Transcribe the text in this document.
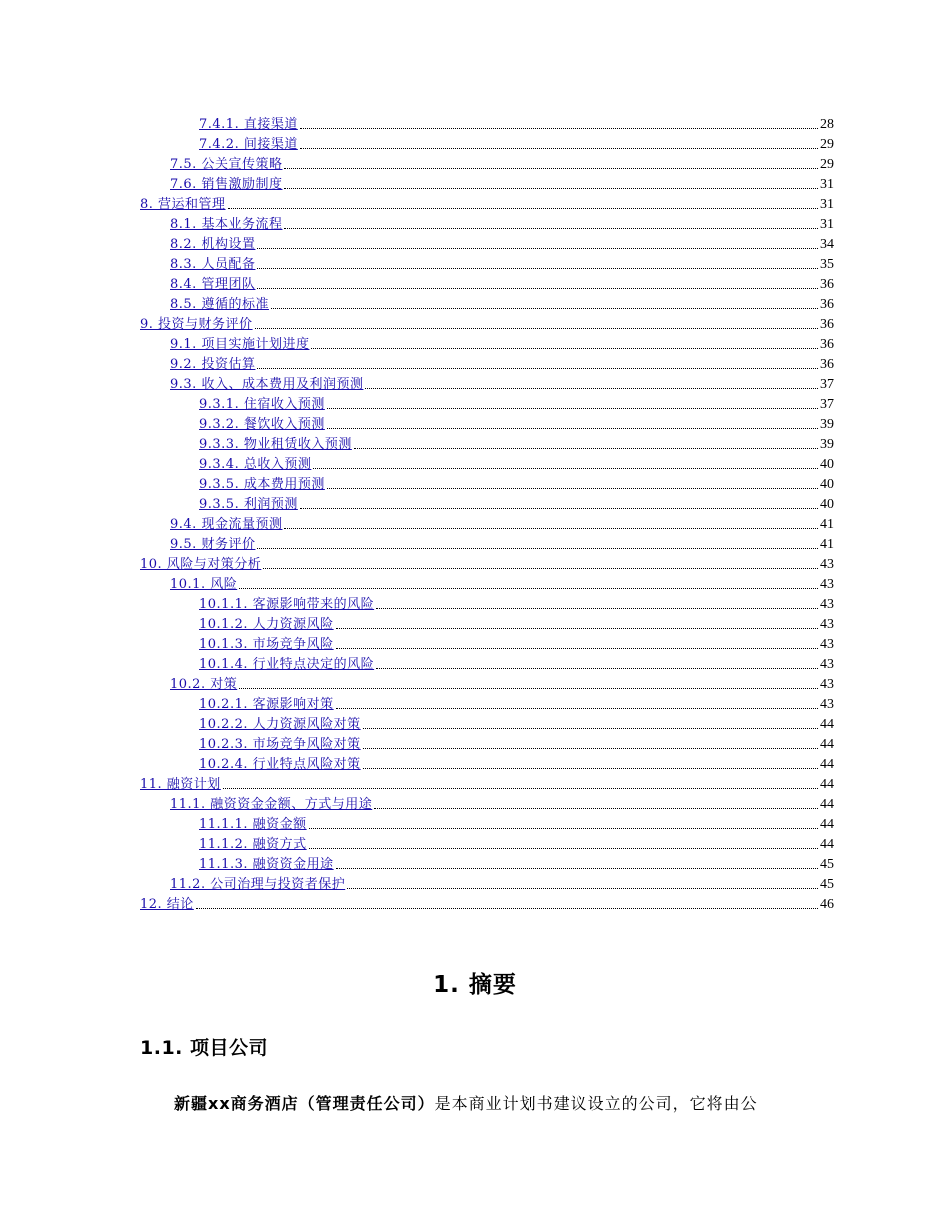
7.4.1. 直接渠道	28
7.4.2. 间接渠道	29
7.5. 公关宣传策略	29
7.6. 销售激励制度	31
8. 营运和管理	31
8.1. 基本业务流程	31
8.2. 机构设置	34
8.3. 人员配备	35
8.4. 管理团队	36
8.5. 遵循的标准	36
9. 投资与财务评价	36
9.1. 项目实施计划进度	36
9.2. 投资估算	36
9.3. 收入、成本费用及利润预测	37
9.3.1. 住宿收入预测	37
9.3.2. 餐饮收入预测	39
9.3.3. 物业租赁收入预测	39
9.3.4. 总收入预测	40
9.3.5. 成本费用预测	40
9.3.5. 利润预测	40
9.4. 现金流量预测	41
9.5. 财务评价	41
10. 风险与对策分析	43
10.1. 风险	43
10.1.1. 客源影响带来的风险	43
10.1.2. 人力资源风险	43
10.1.3. 市场竞争风险	43
10.1.4. 行业特点决定的风险	43
10.2. 对策	43
10.2.1. 客源影响对策	43
10.2.2. 人力资源风险对策	44
10.2.3. 市场竞争风险对策	44
10.2.4. 行业特点风险对策	44
11. 融资计划	44
11.1. 融资资金金额、方式与用途	44
11.1.1. 融资金额	44
11.1.2. 融资方式	44
11.1.3. 融资资金用途	45
11.2. 公司治理与投资者保护	45
12. 结论	46
1. 摘要
1.1. 项目公司
新疆xx商务酒店（管理责任公司）是本商业计划书建议设立的公司，它将由公
